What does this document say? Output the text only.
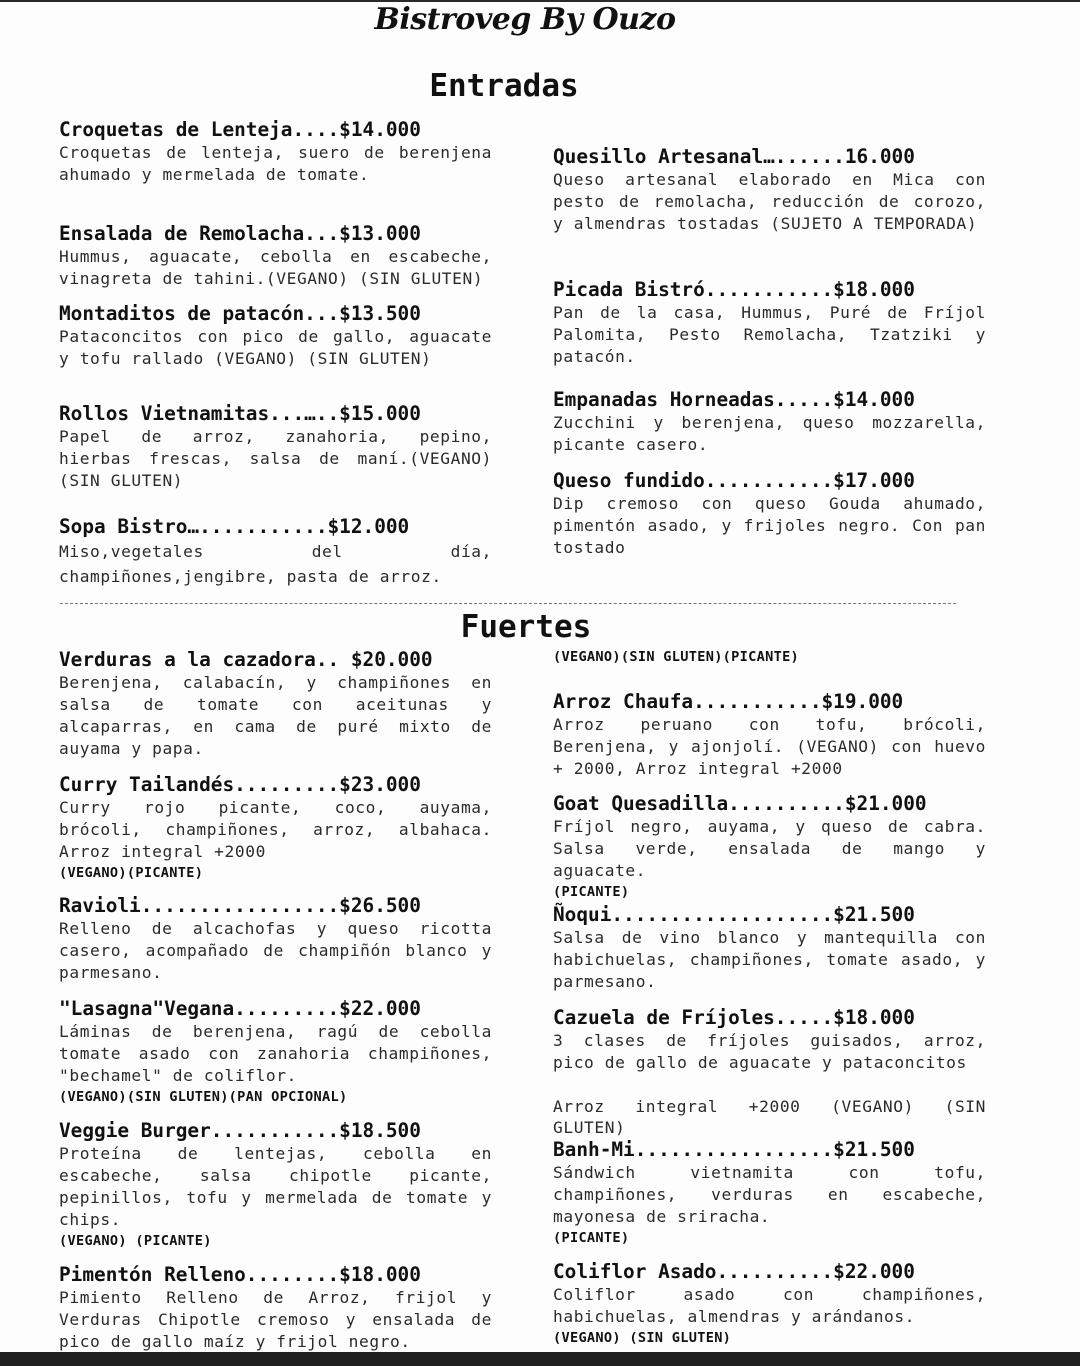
Bistroveg By Ouzo
Entradas
Croquetas de Lenteja....$14.000
Croquetas de lenteja, suero de berenjena ahumado y mermelada de tomate.
Ensalada de Remolacha...$13.000
Hummus, aguacate, cebolla en escabeche, vinagreta de tahini.(VEGANO) (SIN GLUTEN)
Montaditos de patacón...$13.500
Pataconcitos con pico de gallo, aguacate y tofu rallado (VEGANO) (SIN GLUTEN)
Rollos Vietnamitas...…..$15.000
Papel de arroz, zanahoria, pepino, hierbas frescas, salsa de maní.(VEGANO)(SIN GLUTEN)
Sopa Bistro…...........$12.000
Miso,vegetales del día, champiñones,jengibre, pasta de arroz.
Quesillo Artesanal…......16.000
Queso artesanal elaborado en Mica con pesto de remolacha, reducción de corozo, y almendras tostadas (SUJETO A TEMPORADA)
Picada Bistró...........$18.000
Pan de la casa, Hummus, Puré de Fríjol Palomita, Pesto Remolacha, Tzatziki y patacón.
Empanadas Horneadas.....$14.000
Zucchini y berenjena, queso mozzarella, picante casero.
Queso fundido...........$17.000
Dip cremoso con queso Gouda ahumado, pimentón asado, y frijoles negro. Con pan tostado
Fuertes
Verduras a la cazadora.. $20.000
Berenjena, calabacín, y champiñones en salsa de tomate con aceitunas y alcaparras, en cama de puré mixto de auyama y papa.
Curry Tailandés.........$23.000
Curry rojo picante, coco, auyama, brócoli, champiñones, arroz, albahaca. Arroz integral +2000
(VEGANO)(PICANTE)
Ravioli.................$26.500
Relleno de alcachofas y queso ricotta casero, acompañado de champiñón blanco y parmesano.
"Lasagna"Vegana.........$22.000
Láminas de berenjena, ragú de cebolla tomate asado con zanahoria champiñones, "bechamel" de coliflor.
(VEGANO)(SIN GLUTEN)(PAN OPCIONAL)
Veggie Burger...........$18.500
Proteína de lentejas, cebolla en escabeche, salsa chipotle picante, pepinillos, tofu y mermelada de tomate y chips.
(VEGANO) (PICANTE)
Pimentón Relleno........$18.000
Pimiento Relleno de Arroz, frijol y Verduras Chipotle cremoso y ensalada de pico de gallo maíz y frijol negro.
(VEGANO)(SIN GLUTEN)(PICANTE)
Arroz Chaufa...........$19.000
Arroz peruano con tofu, brócoli, Berenjena, y ajonjolí. (VEGANO) con huevo + 2000, Arroz integral +2000
Goat Quesadilla..........$21.000
Fríjol negro, auyama, y queso de cabra. Salsa verde, ensalada de mango y aguacate.
(PICANTE)
Ñoqui...................$21.500
Salsa de vino blanco y mantequilla con habichuelas, champiñones, tomate asado, y parmesano.
Cazuela de Fríjoles.....$18.000
3 clases de fríjoles guisados, arroz, pico de gallo de aguacate y pataconcitos
Arroz integral +2000 (VEGANO) (SIN GLUTEN)
Banh-Mi.................$21.500
Sándwich vietnamita con tofu, champiñones, verduras en escabeche, mayonesa de sriracha.
(PICANTE)
Coliflor Asado..........$22.000
Coliflor asado con champiñones, habichuelas, almendras y arándanos.
(VEGANO) (SIN GLUTEN)
